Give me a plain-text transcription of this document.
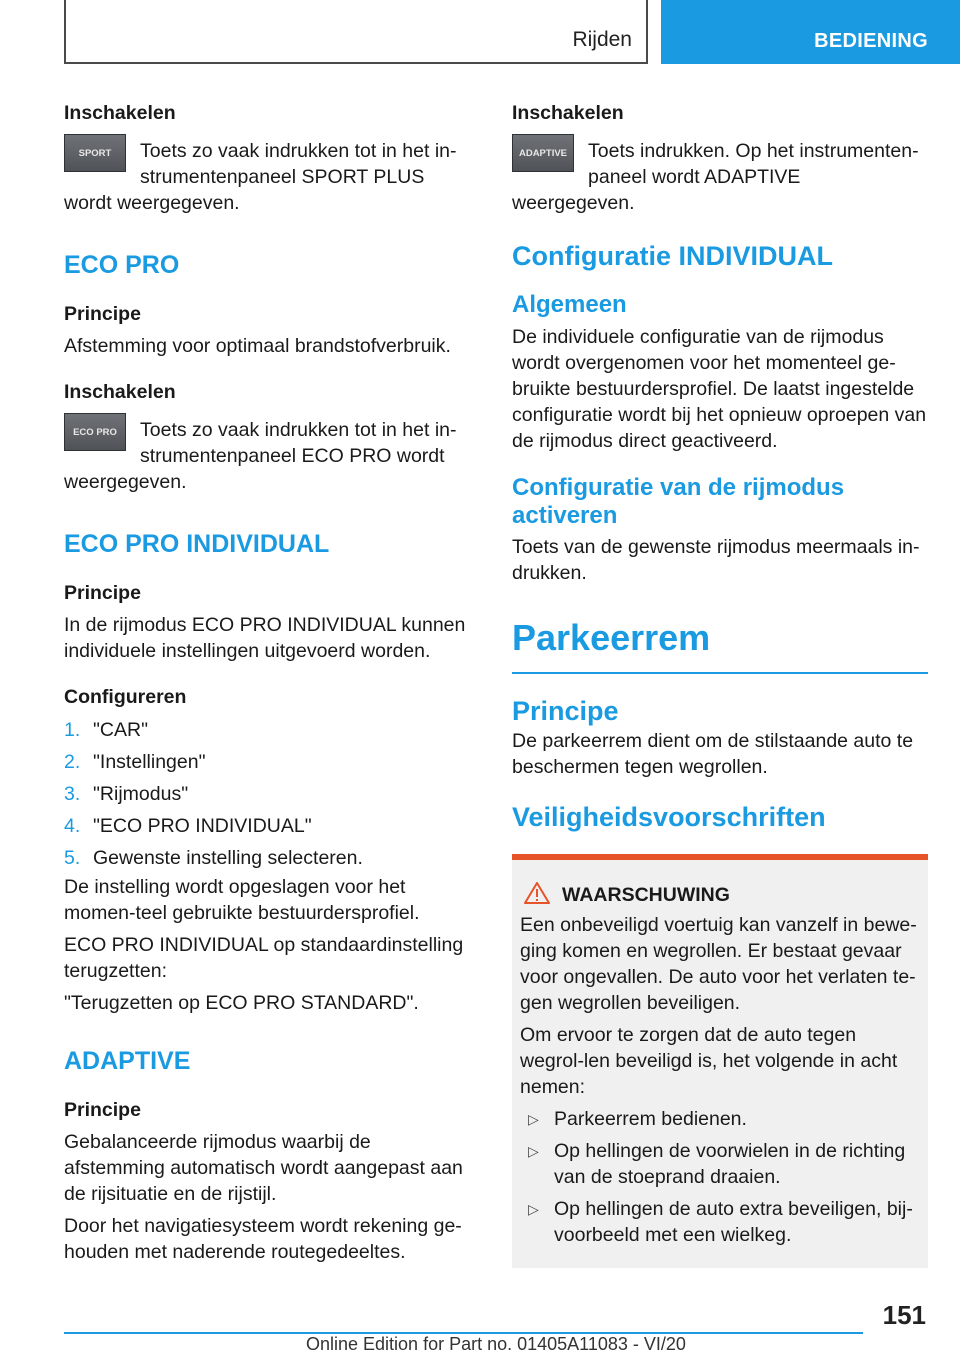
Rijden	BEDIENING

Inschakelen

SPORT	Toets zo vaak indrukken tot in het in-strumentenpaneel SPORT PLUS wordt weergegeven.

ECO PRO

Principe

Afstemming voor optimaal brandstofverbruik.

Inschakelen

ECO PRO	Toets zo vaak indrukken tot in het in-strumentenpaneel ECO PRO wordt weergegeven.

ECO PRO INDIVIDUAL

Principe

In de rijmodus ECO PRO INDIVIDUAL kunnen individuele instellingen uitgevoerd worden.

Configureren

1. "CAR"
2. "Instellingen"
3. "Rijmodus"
4. "ECO PRO INDIVIDUAL"
5. Gewenste instelling selecteren.

De instelling wordt opgeslagen voor het momen-teel gebruikte bestuurdersprofiel.

ECO PRO INDIVIDUAL op standaardinstelling terugzetten:

"Terugzetten op ECO PRO STANDARD".

ADAPTIVE

Principe

Gebalanceerde rijmodus waarbij de afstemming automatisch wordt aangepast aan de rijsituatie en de rijstijl.

Door het navigatiesysteem wordt rekening ge-houden met naderende routegedeeltes.

Inschakelen

ADAPTIVE	Toets indrukken. Op het instrumenten-paneel wordt ADAPTIVE weergegeven.

Configuratie INDIVIDUAL

Algemeen

De individuele configuratie van de rijmodus wordt overgenomen voor het momenteel ge-bruikte bestuurdersprofiel. De laatst ingestelde configuratie wordt bij het opnieuw oproepen van de rijmodus direct geactiveerd.

Configuratie van de rijmodus activeren

Toets van de gewenste rijmodus meermaals in-drukken.

Parkeerrem

Principe

De parkeerrem dient om de stilstaande auto te beschermen tegen wegrollen.

Veiligheidsvoorschriften

WAARSCHUWING

Een onbeveiligd voertuig kan vanzelf in bewe-ging komen en wegrollen. Er bestaat gevaar voor ongevallen. De auto voor het verlaten te-gen wegrollen beveiligen.

Om ervoor te zorgen dat de auto tegen wegrol-len beveiligd is, het volgende in acht nemen:

▷ Parkeerrem bedienen.
▷ Op hellingen de voorwielen in de richting van de stoeprand draaien.
▷ Op hellingen de auto extra beveiligen, bij-voorbeeld met een wielkeg.
151
Online Edition for Part no. 01405A11083 - VI/20
